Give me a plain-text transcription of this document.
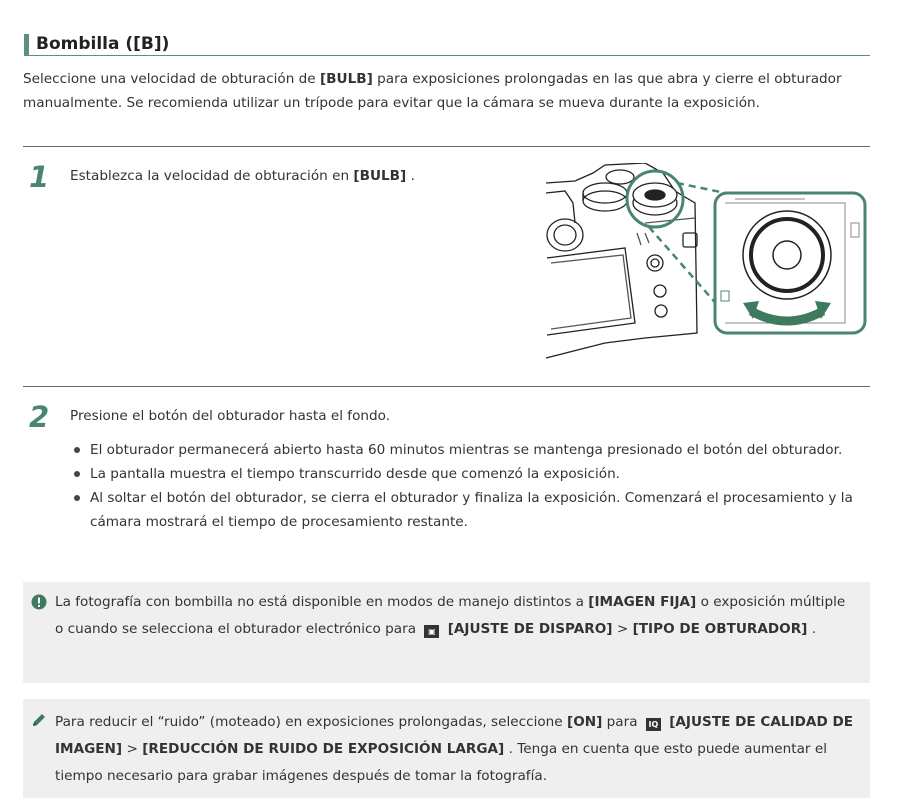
Bombilla ([B])

Seleccione una velocidad de obturación de [BULB] para exposiciones prolongadas en las que abra y cierre el obturador manualmente. Se recomienda utilizar un trípode para evitar que la cámara se mueva durante la exposición.

1 Establezca la velocidad de obturación en [BULB] .

2 Presione el botón del obturador hasta el fondo.

El obturador permanecerá abierto hasta 60 minutos mientras se mantenga presionado el botón del obturador.
La pantalla muestra el tiempo transcurrido desde que comenzó la exposición.
Al soltar el botón del obturador, se cierra el obturador y finaliza la exposición. Comenzará el procesamiento y la cámara mostrará el tiempo de procesamiento restante.

La fotografía con bombilla no está disponible en modos de manejo distintos a [IMAGEN FIJA] o exposición múltiple o cuando se selecciona el obturador electrónico para ▣ [AJUSTE DE DISPARO] > [TIPO DE OBTURADOR] .

Para reducir el “ruido” (moteado) en exposiciones prolongadas, seleccione [ON] para IQ [AJUSTE DE CALIDAD DE IMAGEN] > [REDUCCIÓN DE RUIDO DE EXPOSICIÓN LARGA] . Tenga en cuenta que esto puede aumentar el tiempo necesario para grabar imágenes después de tomar la fotografía.
